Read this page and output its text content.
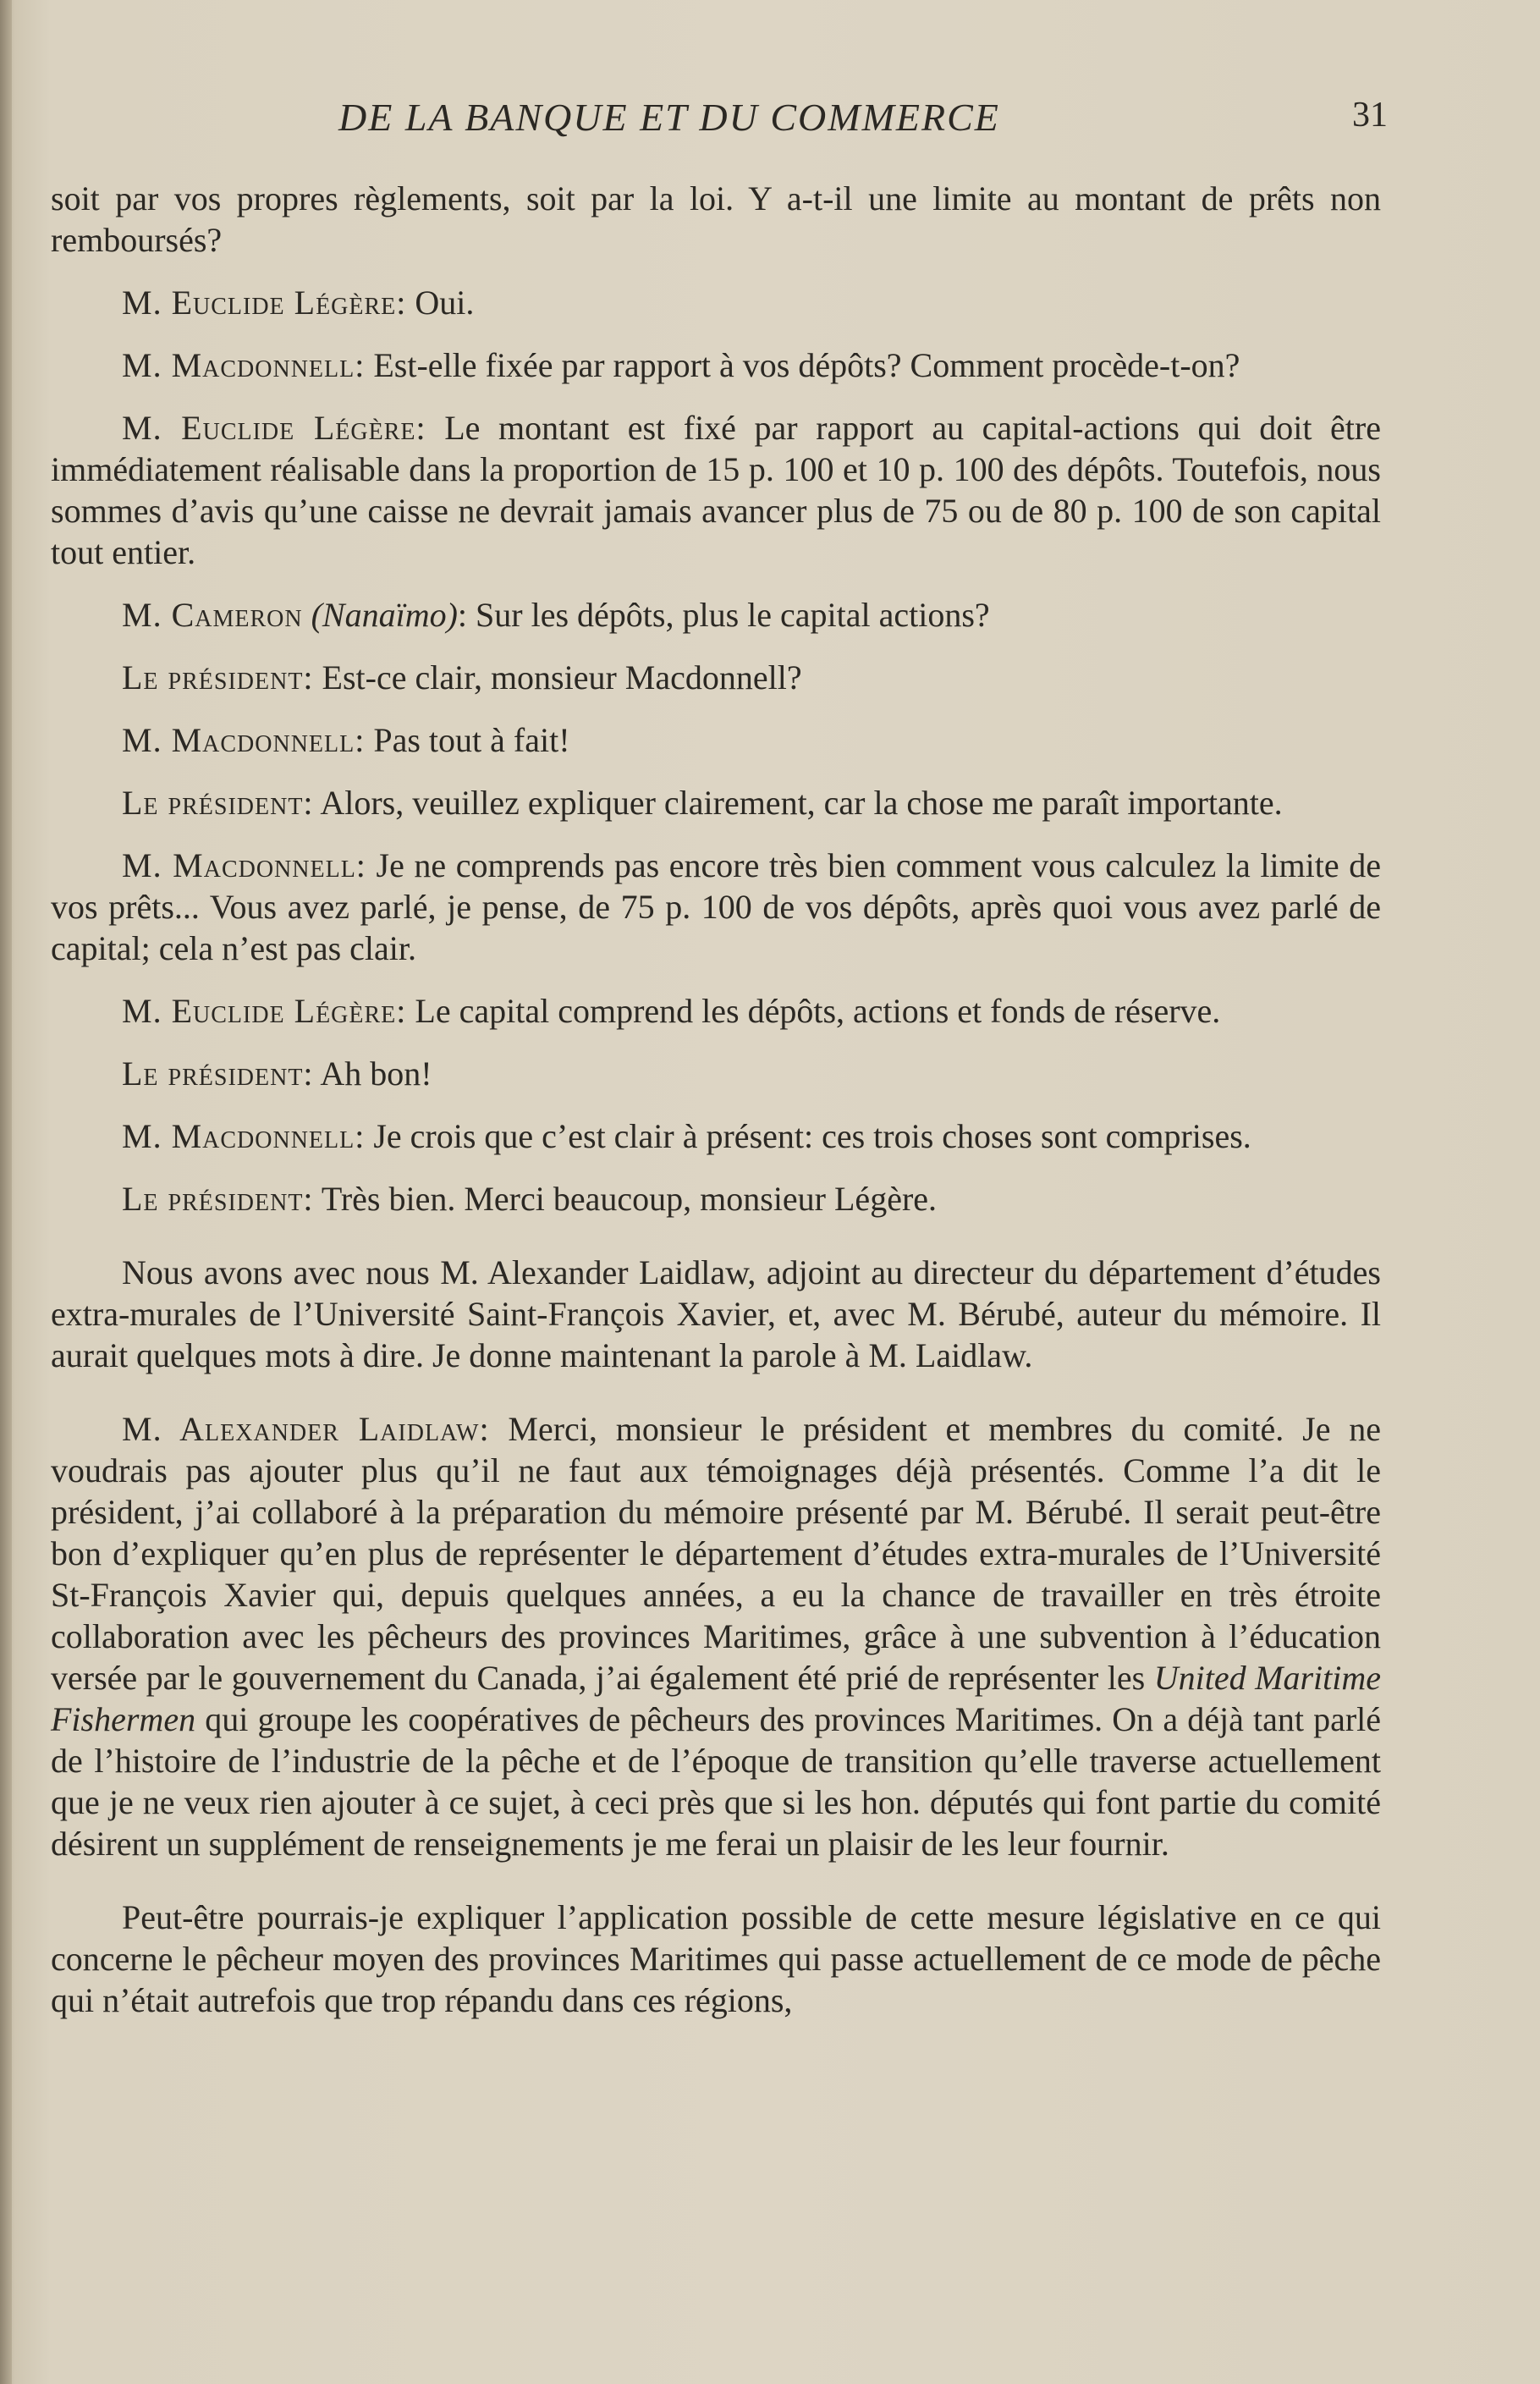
DE LA BANQUE ET DU COMMERCE	31

soit par vos propres règlements, soit par la loi. Y a-t-il une limite au montant de prêts non remboursés?

M. Euclide Légère: Oui.

M. Macdonnell: Est-elle fixée par rapport à vos dépôts? Comment procède-t-on?

M. Euclide Légère: Le montant est fixé par rapport au capital-actions qui doit être immédiatement réalisable dans la proportion de 15 p. 100 et 10 p. 100 des dépôts. Toutefois, nous sommes d’avis qu’une caisse ne devrait jamais avancer plus de 75 ou de 80 p. 100 de son capital tout entier.

M. Cameron (Nanaïmo): Sur les dépôts, plus le capital actions?

Le président: Est-ce clair, monsieur Macdonnell?

M. Macdonnell: Pas tout à fait!

Le président: Alors, veuillez expliquer clairement, car la chose me paraît importante.

M. Macdonnell: Je ne comprends pas encore très bien comment vous calculez la limite de vos prêts... Vous avez parlé, je pense, de 75 p. 100 de vos dépôts, après quoi vous avez parlé de capital; cela n’est pas clair.

M. Euclide Légère: Le capital comprend les dépôts, actions et fonds de réserve.

Le président: Ah bon!

M. Macdonnell: Je crois que c’est clair à présent: ces trois choses sont comprises.

Le président: Très bien. Merci beaucoup, monsieur Légère.

Nous avons avec nous M. Alexander Laidlaw, adjoint au directeur du département d’études extra-murales de l’Université Saint-François Xavier, et, avec M. Bérubé, auteur du mémoire. Il aurait quelques mots à dire. Je donne maintenant la parole à M. Laidlaw.

M. Alexander Laidlaw: Merci, monsieur le président et membres du comité. Je ne voudrais pas ajouter plus qu’il ne faut aux témoignages déjà présentés. Comme l’a dit le président, j’ai collaboré à la préparation du mémoire présenté par M. Bérubé. Il serait peut-être bon d’expliquer qu’en plus de représenter le département d’études extra-murales de l’Université St-François Xavier qui, depuis quelques années, a eu la chance de travailler en très étroite collaboration avec les pêcheurs des provinces Maritimes, grâce à une subvention à l’éducation versée par le gouvernement du Canada, j’ai également été prié de représenter les United Maritime Fishermen qui groupe les coopératives de pêcheurs des provinces Maritimes. On a déjà tant parlé de l’histoire de l’industrie de la pêche et de l’époque de transition qu’elle traverse actuellement que je ne veux rien ajouter à ce sujet, à ceci près que si les hon. députés qui font partie du comité désirent un supplément de renseignements je me ferai un plaisir de les leur fournir.

Peut-être pourrais-je expliquer l’application possible de cette mesure législative en ce qui concerne le pêcheur moyen des provinces Maritimes qui passe actuellement de ce mode de pêche qui n’était autrefois que trop répandu dans ces régions,
